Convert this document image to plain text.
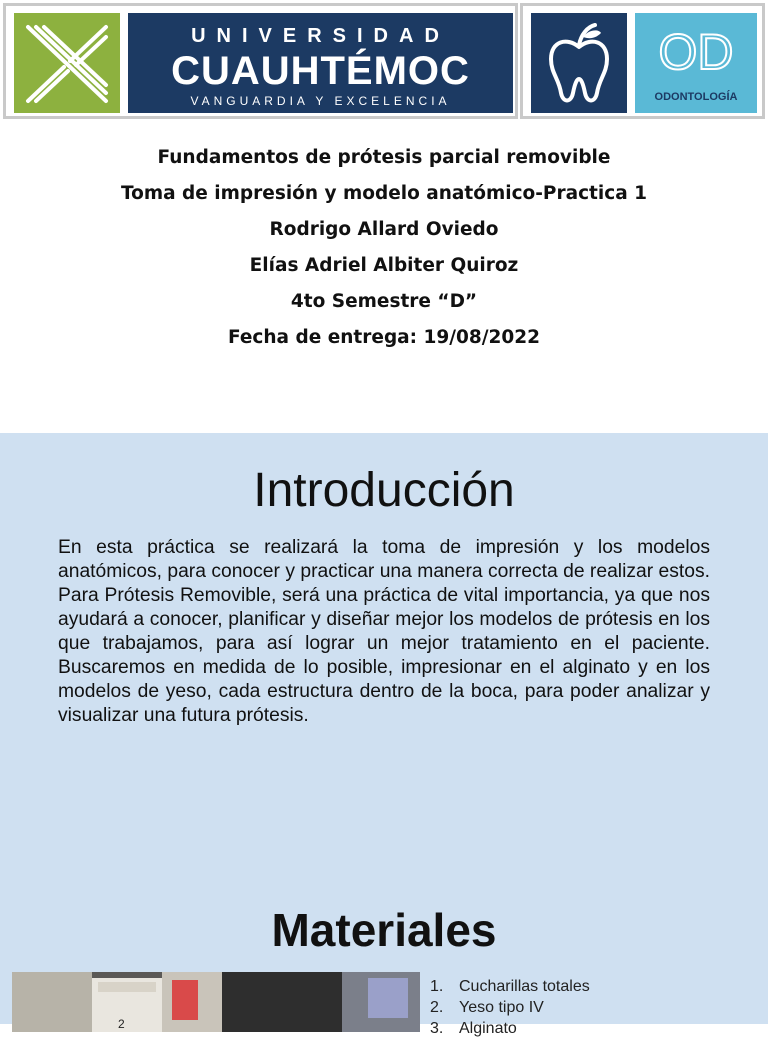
UNIVERSIDAD
CUAUHTÉMOC
VANGUARDIA Y EXCELENCIA
OD
ODONTOLOGÍA
Fundamentos de prótesis parcial removible
Toma de impresión y modelo anatómico-Practica 1
Rodrigo Allard Oviedo
Elías Adriel Albiter Quiroz
4to Semestre “D”
Fecha de entrega: 19/08/2022
Introducción

En esta práctica se realizará la toma de impresión y los modelos anatómicos, para conocer y practicar una manera correcta de realizar estos. Para Prótesis Removible, será una práctica de vital importancia, ya que nos ayudará a conocer, planificar y diseñar mejor los modelos de prótesis en los que trabajamos, para así lograr un mejor tratamiento en el paciente. Buscaremos en medida de lo posible, impresionar en el alginato y en los modelos de yeso, cada estructura dentro de la boca, para poder analizar y visualizar una futura prótesis.

Materiales
2
1. Cucharillas totales
2. Yeso tipo IV
3. Alginato
